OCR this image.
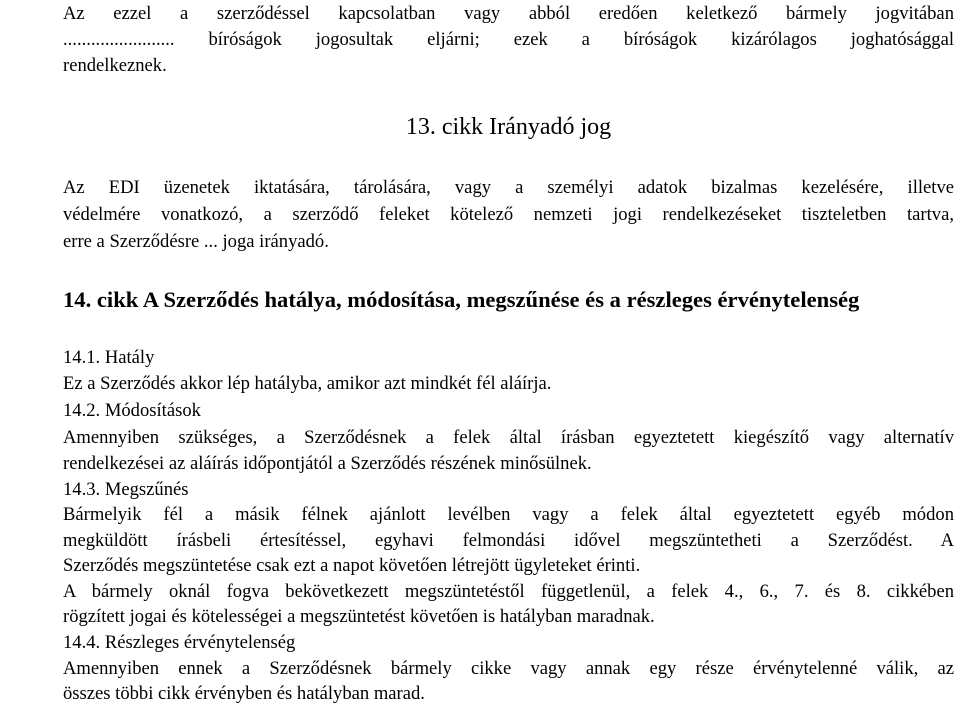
Az ezzel a szerződéssel kapcsolatban vagy abból eredően keletkező bármely jogvitában
........................ bíróságok jogosultak eljárni; ezek a bíróságok kizárólagos joghatósággal
rendelkeznek.
13. cikk Irányadó jog
Az EDI üzenetek iktatására, tárolására, vagy a személyi adatok bizalmas kezelésére, illetve
védelmére vonatkozó, a szerződő feleket kötelező nemzeti jogi rendelkezéseket tiszteletben tartva,
erre a Szerződésre ... joga irányadó.
14. cikk A Szerződés hatálya, módosítása, megszűnése és a részleges érvénytelenség
14.1. Hatály
Ez a Szerződés akkor lép hatályba, amikor azt mindkét fél aláírja.
14.2. Módosítások
Amennyiben szükséges, a Szerződésnek a felek által írásban egyeztetett kiegészítő vagy alternatív
rendelkezései az aláírás időpontjától a Szerződés részének minősülnek.
14.3. Megszűnés
Bármelyik fél a másik félnek ajánlott levélben vagy a felek által egyeztetett egyéb módon
megküldött írásbeli értesítéssel, egyhavi felmondási idővel megszüntetheti a Szerződést. A
Szerződés megszüntetése csak ezt a napot követően létrejött ügyleteket érinti.
A bármely oknál fogva bekövetkezett megszüntetéstől függetlenül, a felek 4., 6., 7. és 8. cikkében
rögzített jogai és kötelességei a megszüntetést követően is hatályban maradnak.
14.4. Részleges érvénytelenség
Amennyiben ennek a Szerződésnek bármely cikke vagy annak egy része érvénytelenné válik, az
összes többi cikk érvényben és hatályban marad.
